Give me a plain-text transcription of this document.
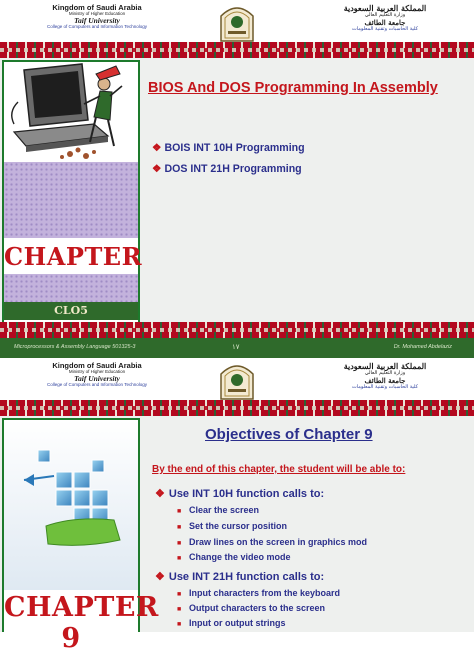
Kingdom of Saudi Arabia
Ministry of Higher Education
Taif University
College of Computers and Information Technology
المملكة العربية السعودية
وزارة التعليم العالي
جامعة الطائف
كلية الحاسبات وتقنية المعلومات
CHAPTER
CLO5
BIOS And DOS Programming In Assembly
❖ BOIS INT 10H Programming
❖ DOS INT 21H Programming
Microprocessors & Assembly Language 501325-3	١٧	Dr. Mohamed Abdelaziz
Kingdom of Saudi Arabia
Ministry of Higher Education
Taif University
College of Computers and Information Technology
المملكة العربية السعودية
وزارة التعليم العالي
جامعة الطائف
كلية الحاسبات وتقنية المعلومات
CHAPTER 9
Objectives of Chapter 9
By the end of this chapter, the student will be able to:
❖ Use INT 10H function calls to:
■ Clear the screen
■ Set the cursor position
■ Draw lines on the screen in graphics mod
■ Change the video mode
❖ Use INT 21H function calls to:
■ Input characters from the keyboard
■ Output characters to the screen
■ Input or output strings
